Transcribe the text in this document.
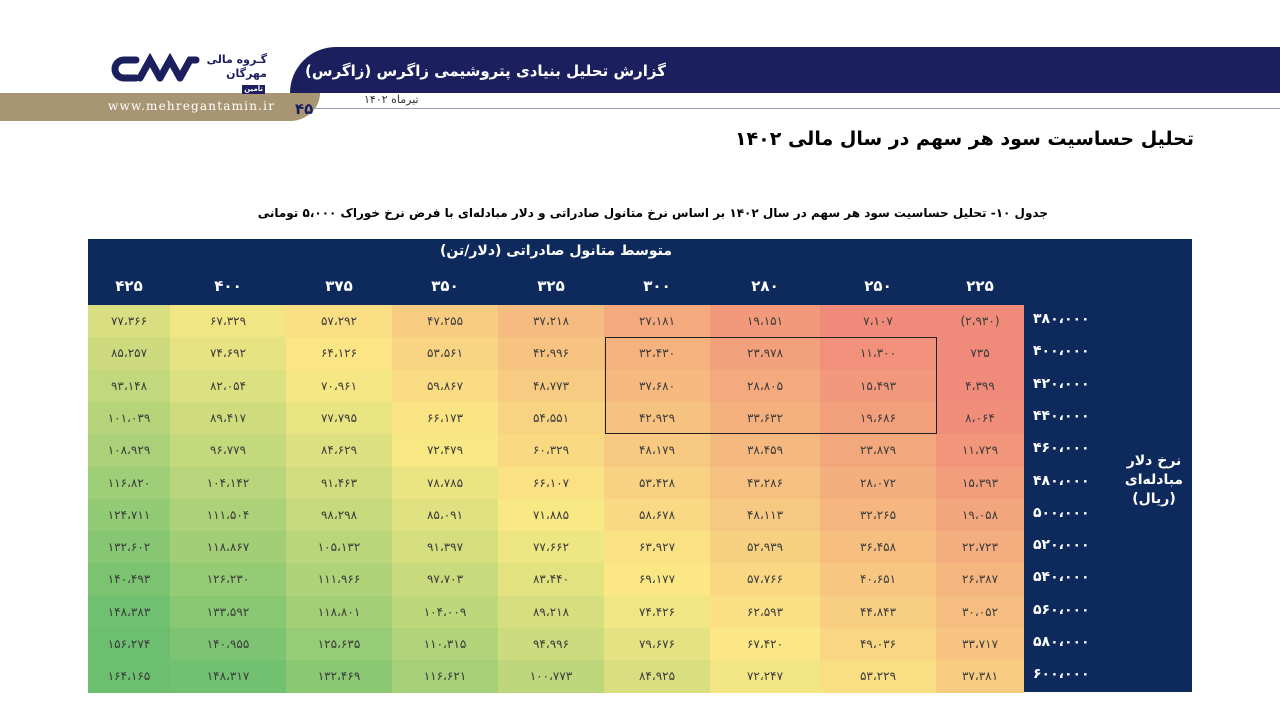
گزارش تحلیل بنیادی پتروشیمی زاگرس (زاگرس)
www.mehregantamin.ir ۴۵
تیرماه ۱۴۰۲
گـروه مالی
مهرگانتأمین
تحلیل حساسیت سود هر سهم در سال مالی ۱۴۰۲
جدول ۱۰- تحلیل حساسیت سود هر سهم در سال ۱۴۰۲ بر اساس نرخ متانول صادراتی و دلار مبادله‌ای با فرض نرخ خوراک ۵،۰۰۰ تومانی
متوسط متانول صادراتی (دلار/تن)
نرخ دلار مبادله‌ای (ریال)
۴۲۵	۴۰۰	۳۷۵	۳۵۰	۳۲۵	۳۰۰	۲۸۰	۲۵۰	۲۲۵
۳۸۰،۰۰۰
۷۷،۳۶۶	۶۷،۳۲۹	۵۷،۲۹۲	۴۷،۲۵۵	۳۷،۲۱۸	۲۷،۱۸۱	۱۹،۱۵۱	۷،۱۰۷	(۲،۹۳۰)
۴۰۰،۰۰۰
۸۵،۲۵۷	۷۴،۶۹۲	۶۴،۱۲۶	۵۳،۵۶۱	۴۲،۹۹۶	۳۲،۴۳۰	۲۳،۹۷۸	۱۱،۳۰۰	۷۳۵
۴۲۰،۰۰۰
۹۳،۱۴۸	۸۲،۰۵۴	۷۰،۹۶۱	۵۹،۸۶۷	۴۸،۷۷۳	۳۷،۶۸۰	۲۸،۸۰۵	۱۵،۴۹۳	۴،۳۹۹
۴۴۰،۰۰۰
۱۰۱،۰۳۹	۸۹،۴۱۷	۷۷،۷۹۵	۶۶،۱۷۳	۵۴،۵۵۱	۴۲،۹۲۹	۳۳،۶۳۲	۱۹،۶۸۶	۸،۰۶۴
۴۶۰،۰۰۰
۱۰۸،۹۲۹	۹۶،۷۷۹	۸۴،۶۲۹	۷۲،۴۷۹	۶۰،۳۲۹	۴۸،۱۷۹	۳۸،۴۵۹	۲۳،۸۷۹	۱۱،۷۲۹
۴۸۰،۰۰۰
۱۱۶،۸۲۰	۱۰۴،۱۴۲	۹۱،۴۶۳	۷۸،۷۸۵	۶۶،۱۰۷	۵۳،۴۲۸	۴۳،۲۸۶	۲۸،۰۷۲	۱۵،۳۹۳
۵۰۰،۰۰۰
۱۲۴،۷۱۱	۱۱۱،۵۰۴	۹۸،۲۹۸	۸۵،۰۹۱	۷۱،۸۸۵	۵۸،۶۷۸	۴۸،۱۱۳	۳۲،۲۶۵	۱۹،۰۵۸
۵۲۰،۰۰۰
۱۳۲،۶۰۲	۱۱۸،۸۶۷	۱۰۵،۱۳۲	۹۱،۳۹۷	۷۷،۶۶۲	۶۳،۹۲۷	۵۲،۹۳۹	۳۶،۴۵۸	۲۲،۷۲۳
۵۴۰،۰۰۰
۱۴۰،۴۹۳	۱۲۶،۲۳۰	۱۱۱،۹۶۶	۹۷،۷۰۳	۸۳،۴۴۰	۶۹،۱۷۷	۵۷،۷۶۶	۴۰،۶۵۱	۲۶،۳۸۷
۵۶۰،۰۰۰
۱۴۸،۳۸۳	۱۳۳،۵۹۲	۱۱۸،۸۰۱	۱۰۴،۰۰۹	۸۹،۲۱۸	۷۴،۴۲۶	۶۲،۵۹۳	۴۴،۸۴۳	۳۰،۰۵۲
۵۸۰،۰۰۰
۱۵۶،۲۷۴	۱۴۰،۹۵۵	۱۲۵،۶۳۵	۱۱۰،۳۱۵	۹۴،۹۹۶	۷۹،۶۷۶	۶۷،۴۲۰	۴۹،۰۳۶	۳۳،۷۱۷
۶۰۰،۰۰۰
۱۶۴،۱۶۵	۱۴۸،۳۱۷	۱۳۲،۴۶۹	۱۱۶،۶۲۱	۱۰۰،۷۷۳	۸۴،۹۲۵	۷۲،۲۴۷	۵۳،۲۲۹	۳۷،۳۸۱
